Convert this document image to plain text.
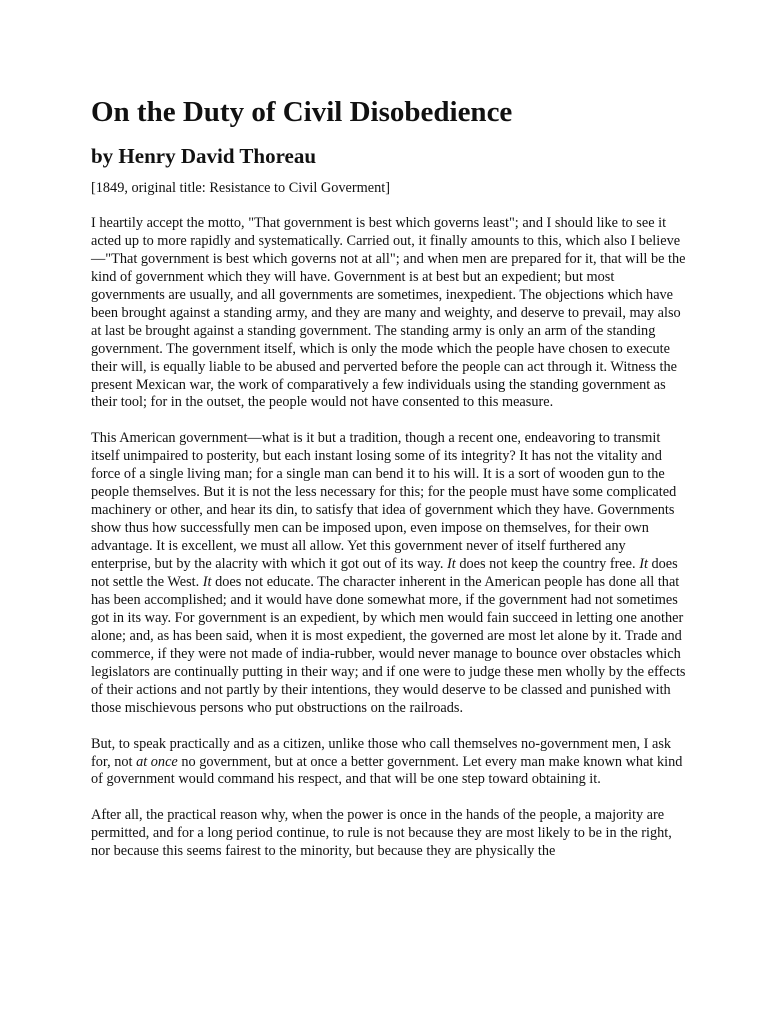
On the Duty of Civil Disobedience
by Henry David Thoreau

[1849, original title: Resistance to Civil Goverment]

I heartily accept the motto, "That government is best which governs least"; and I should like to see it acted up to more rapidly and systematically. Carried out, it finally amounts to this, which also I believe—"That government is best which governs not at all"; and when men are prepared for it, that will be the kind of government which they will have. Government is at best but an expedient; but most governments are usually, and all governments are sometimes, inexpedient. The objections which have been brought against a standing army, and they are many and weighty, and deserve to prevail, may also at last be brought against a standing government. The standing army is only an arm of the standing government. The government itself, which is only the mode which the people have chosen to execute their will, is equally liable to be abused and perverted before the people can act through it. Witness the present Mexican war, the work of comparatively a few individuals using the standing government as their tool; for in the outset, the people would not have consented to this measure.

This American government—what is it but a tradition, though a recent one, endeavoring to transmit itself unimpaired to posterity, but each instant losing some of its integrity? It has not the vitality and force of a single living man; for a single man can bend it to his will. It is a sort of wooden gun to the people themselves. But it is not the less necessary for this; for the people must have some complicated machinery or other, and hear its din, to satisfy that idea of government which they have. Governments show thus how successfully men can be imposed upon, even impose on themselves, for their own advantage. It is excellent, we must all allow. Yet this government never of itself furthered any enterprise, but by the alacrity with which it got out of its way. It does not keep the country free. It does not settle the West. It does not educate. The character inherent in the American people has done all that has been accomplished; and it would have done somewhat more, if the government had not sometimes got in its way. For government is an expedient, by which men would fain succeed in letting one another alone; and, as has been said, when it is most expedient, the governed are most let alone by it. Trade and commerce, if they were not made of india-rubber, would never manage to bounce over obstacles which legislators are continually putting in their way; and if one were to judge these men wholly by the effects of their actions and not partly by their intentions, they would deserve to be classed and punished with those mischievous persons who put obstructions on the railroads.

But, to speak practically and as a citizen, unlike those who call themselves no-government men, I ask for, not at once no government, but at once a better government. Let every man make known what kind of government would command his respect, and that will be one step toward obtaining it.

After all, the practical reason why, when the power is once in the hands of the people, a majority are permitted, and for a long period continue, to rule is not because they are most likely to be in the right, nor because this seems fairest to the minority, but because they are physically the
